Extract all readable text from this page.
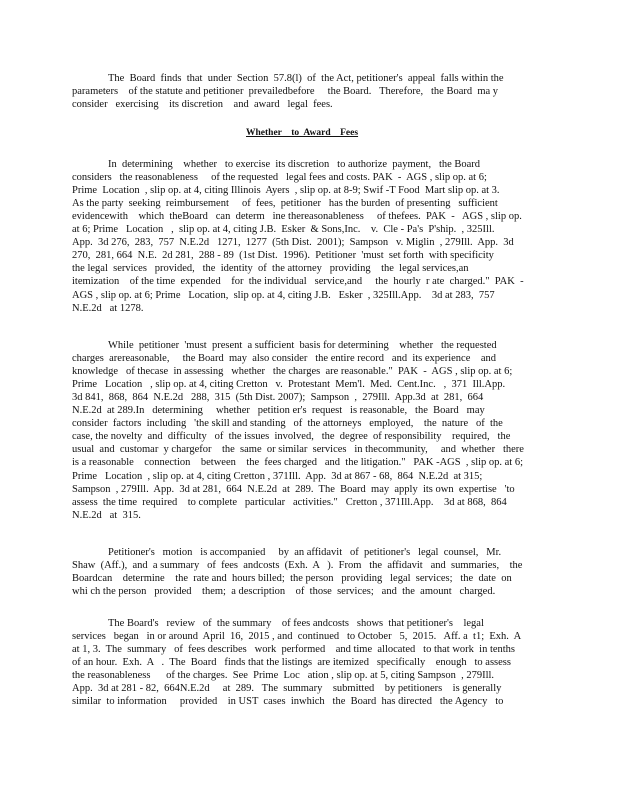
The  Board  finds  that  under  Section  57.8(l)  of  the Act, petitioner's  appeal  falls within the
parameters    of the statute and petitioner  prevailedbefore     the Board.   Therefore,   the Board  ma y
consider   exercising    its discretion    and  award   legal  fees.
In  determining    whether   to exercise  its discretion   to authorize  payment,   the Board
considers   the reasonableness     of the requested   legal fees and costs. PAK  -  AGS , slip op. at 6;
Prime  Location  , slip op. at 4, citing Illinois  Ayers  , slip op. at 8-9; Swif -T Food  Mart slip op. at 3.
As the party  seeking  reimbursement     of  fees,  petitioner   has the burden  of presenting   sufficient
evidencewith    which  theBoard   can  determ   ine thereasonableness     of thefees.  PAK  -   AGS , slip op.
at 6; Prime   Location   ,  slip op. at 4, citing J.B.  Esker  & Sons,Inc.    v.  Cle - Pa's  P'ship.  , 325Ill.
App.  3d 276,  283,  757  N.E.2d   1271,  1277  (5th Dist.  2001);  Sampson   v. Miglin  , 279Ill.  App.  3d
270,  281, 664  N.E.  2d 281,  288 - 89  (1st Dist.  1996).  Petitioner  'must  set forth  with specificity
the legal  services   provided,   the  identity  of  the attorney   providing    the  legal services,an
itemization    of the time  expended    for  the individual   service,and     the  hourly  r ate  charged."  PAK  -
AGS , slip op. at 6; Prime   Location,  slip op. at 4, citing J.B.   Esker  , 325Ill.App.    3d at 283,  757
N.E.2d   at 1278.
While  petitioner  'must  present  a sufficient  basis for determining    whether   the requested
charges  arereasonable,     the Board  may  also consider   the entire record   and  its experience    and
knowledge   of thecase  in assessing   whether   the charges  are reasonable."  PAK  -  AGS , slip op. at 6;
Prime   Location   , slip op. at 4, citing Cretton   v.  Protestant  Mem'l.  Med.  Cent.Inc.   ,  371  Ill.App.
3d 841,  868,  864  N.E.2d   288,  315  (5th Dist. 2007);  Sampson  ,  279Ill.  App.3d  at  281,  664
N.E.2d  at 289.In   determining     whether   petition er's  request   is reasonable,   the  Board   may
consider  factors  including   'the skill and standing   of  the attorneys   employed,    the  nature   of  the
case, the novelty  and  difficulty   of  the issues  involved,   the  degree  of responsibility    required,   the
usual  and  customar  y chargefor    the  same  or similar  services   in thecommunity,     and  whether   there
is a reasonable    connection    between    the  fees charged   and  the litigation."   PAK -AGS  , slip op. at 6;
Prime   Location  , slip op. at 4, citing Cretton , 371Ill.  App.  3d at 867 - 68,  864  N.E.2d  at 315;
Sampson  , 279Ill.  App.  3d at 281,  664  N.E.2d  at  289.  The  Board  may  apply  its own  expertise   'to
assess  the time  required    to complete   particular   activities."   Cretton , 371Ill.App.    3d at 868,  864
N.E.2d   at  315.
Petitioner's   motion   is accompanied     by  an affidavit   of  petitioner's   legal  counsel,   Mr.
Shaw  (Aff.),  and  a summary   of  fees  andcosts  (Exh.  A   ).  From   the  affidavit   and  summaries,    the
Boardcan    determine    the  rate and  hours billed;  the person   providing   legal  services;   the  date  on
whi ch the person   provided    them;  a description    of  those  services;   and  the  amount   charged.
The Board's   review   of  the summary    of fees andcosts   shows  that petitioner's    legal
services   began   in or around  April  16,  2015 , and  continued   to October   5,  2015.   Aff. a  t1;  Exh.  A
at 1, 3.  The  summary   of  fees describes   work  performed    and time  allocated   to that work  in tenths
of an hour.  Exh.  A   .  The  Board   finds that the listings  are itemized   specifically    enough   to assess
the reasonableness      of the charges.  See  Prime  Loc   ation , slip op. at 5, citing Sampson  , 279Ill.
App.  3d at 281 - 82,  664N.E.2d     at  289.   The  summary    submitted    by petitioners    is generally
similar  to information     provided    in UST  cases  inwhich   the  Board  has directed   the Agency   to
Whether    to  Award    Fees
